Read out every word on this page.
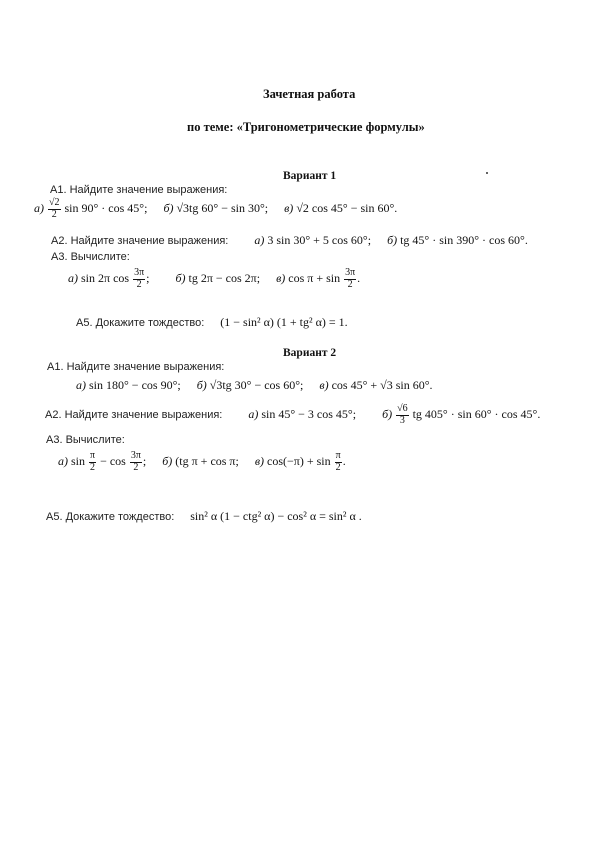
Зачетная работа
по теме: «Тригонометрические формулы»
Вариант 1
А1. Найдите значение выражения:
$а) \frac{√2}{2}$ sin 90° · cos 45°; б) √3tg 60° − sin 30°; в) √2 cos 45° − sin 60°.
А2. Найдите значение выражения: а) 3 sin 30° + 5 cos 60°; б) tg 45° · sin 390° · cos 60°.
А3. Вычислите:
а) sin 2π $\cos \frac{3\pi}{2}$ ; б) tg 2π − cos 2π; в) $\cos \pi + \sin \frac{3\pi}{2}$ .
А5. Докажите тождество: (1 − sin² α) (1 + tg² α) = 1.
Вариант 2
А1. Найдите значение выражения:
а) sin 180° − cos 90°; б) √3tg 30° − cos 60°; в) cos 45° + √3 sin 60°.
А2. Найдите значение выражения: а) sin 45° − 3 cos 45°; $б) \frac{√6}{3}$ tg 405° · sin 60° · cos 45°.
А3. Вычислите:
а) $\sin \frac{\pi}{2} - \cos \frac{3\pi}{2}$ ; б) (tg π + cos π; в) $\cos(-\pi) + \sin \frac{\pi}{2}$ .
А5. Докажите тождество: sin² α (1 − ctg² α) − cos² α = sin² α .
